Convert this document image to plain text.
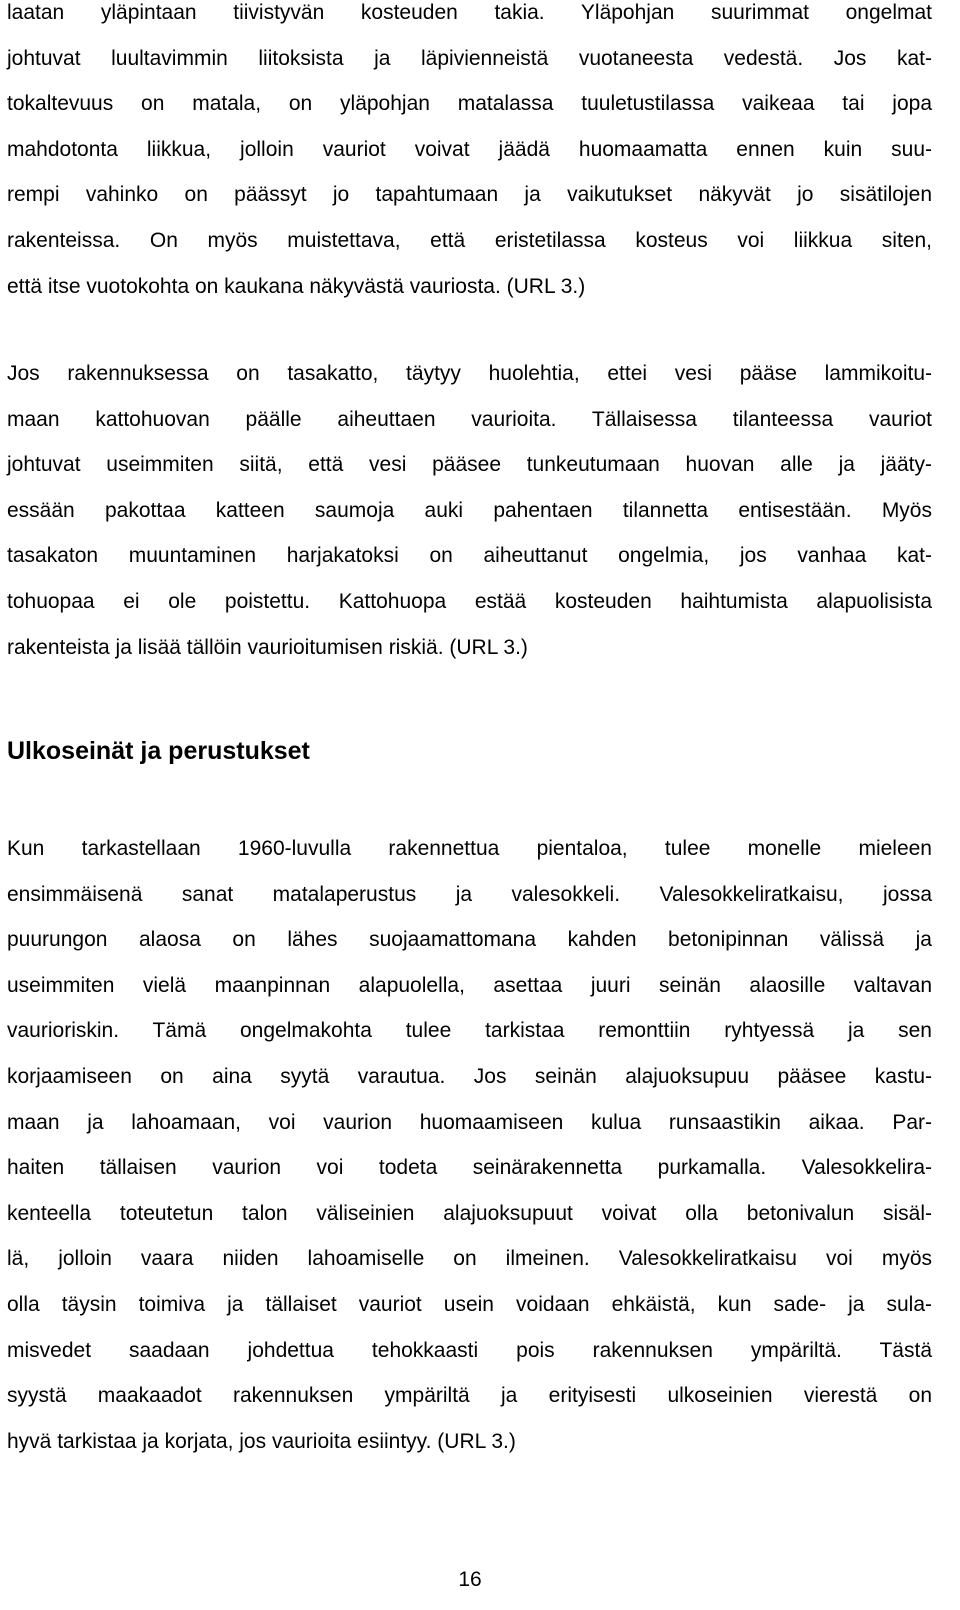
laatan yläpintaan tiivistyvän kosteuden takia. Yläpohjan suurimmat ongelmat
johtuvat luultavimmin liitoksista ja läpivienneistä vuotaneesta vedestä. Jos kat-
tokaltevuus on matala, on yläpohjan matalassa tuuletustilassa vaikeaa tai jopa
mahdotonta liikkua, jolloin vauriot voivat jäädä huomaamatta ennen kuin suu-
rempi vahinko on päässyt jo tapahtumaan ja vaikutukset näkyvät jo sisätilojen
rakenteissa. On myös muistettava, että eristetilassa kosteus voi liikkua siten,
että itse vuotokohta on kaukana näkyvästä vauriosta. (URL 3.)
Jos rakennuksessa on tasakatto, täytyy huolehtia, ettei vesi pääse lammikoitu-
maan kattohuovan päälle aiheuttaen vaurioita. Tällaisessa tilanteessa vauriot
johtuvat useimmiten siitä, että vesi pääsee tunkeutumaan huovan alle ja jääty-
essään pakottaa katteen saumoja auki pahentaen tilannetta entisestään. Myös
tasakaton muuntaminen harjakatoksi on aiheuttanut ongelmia, jos vanhaa kat-
tohuopaa ei ole poistettu. Kattohuopa estää kosteuden haihtumista alapuolisista
rakenteista ja lisää tällöin vaurioitumisen riskiä. (URL 3.)
Ulkoseinät ja perustukset
Kun tarkastellaan 1960-luvulla rakennettua pientaloa, tulee monelle mieleen
ensimmäisenä sanat matalaperustus ja valesokkeli. Valesokkeliratkaisu, jossa
puurungon alaosa on lähes suojaamattomana kahden betonipinnan välissä ja
useimmiten vielä maanpinnan alapuolella, asettaa juuri seinän alaosille valtavan
vaurioriskin. Tämä ongelmakohta tulee tarkistaa remonttiin ryhtyessä ja sen
korjaamiseen on aina syytä varautua. Jos seinän alajuoksupuu pääsee kastu-
maan ja lahoamaan, voi vaurion huomaamiseen kulua runsaastikin aikaa. Par-
haiten tällaisen vaurion voi todeta seinärakennetta purkamalla. Valesokkelira-
kenteella toteutetun talon väliseinien alajuoksupuut voivat olla betonivalun sisäl-
lä, jolloin vaara niiden lahoamiselle on ilmeinen. Valesokkeliratkaisu voi myös
olla täysin toimiva ja tällaiset vauriot usein voidaan ehkäistä, kun sade- ja sula-
misvedet saadaan johdettua tehokkaasti pois rakennuksen ympäriltä. Tästä
syystä maakaadot rakennuksen ympäriltä ja erityisesti ulkoseinien vierestä on
hyvä tarkistaa ja korjata, jos vaurioita esiintyy. (URL 3.)
16
